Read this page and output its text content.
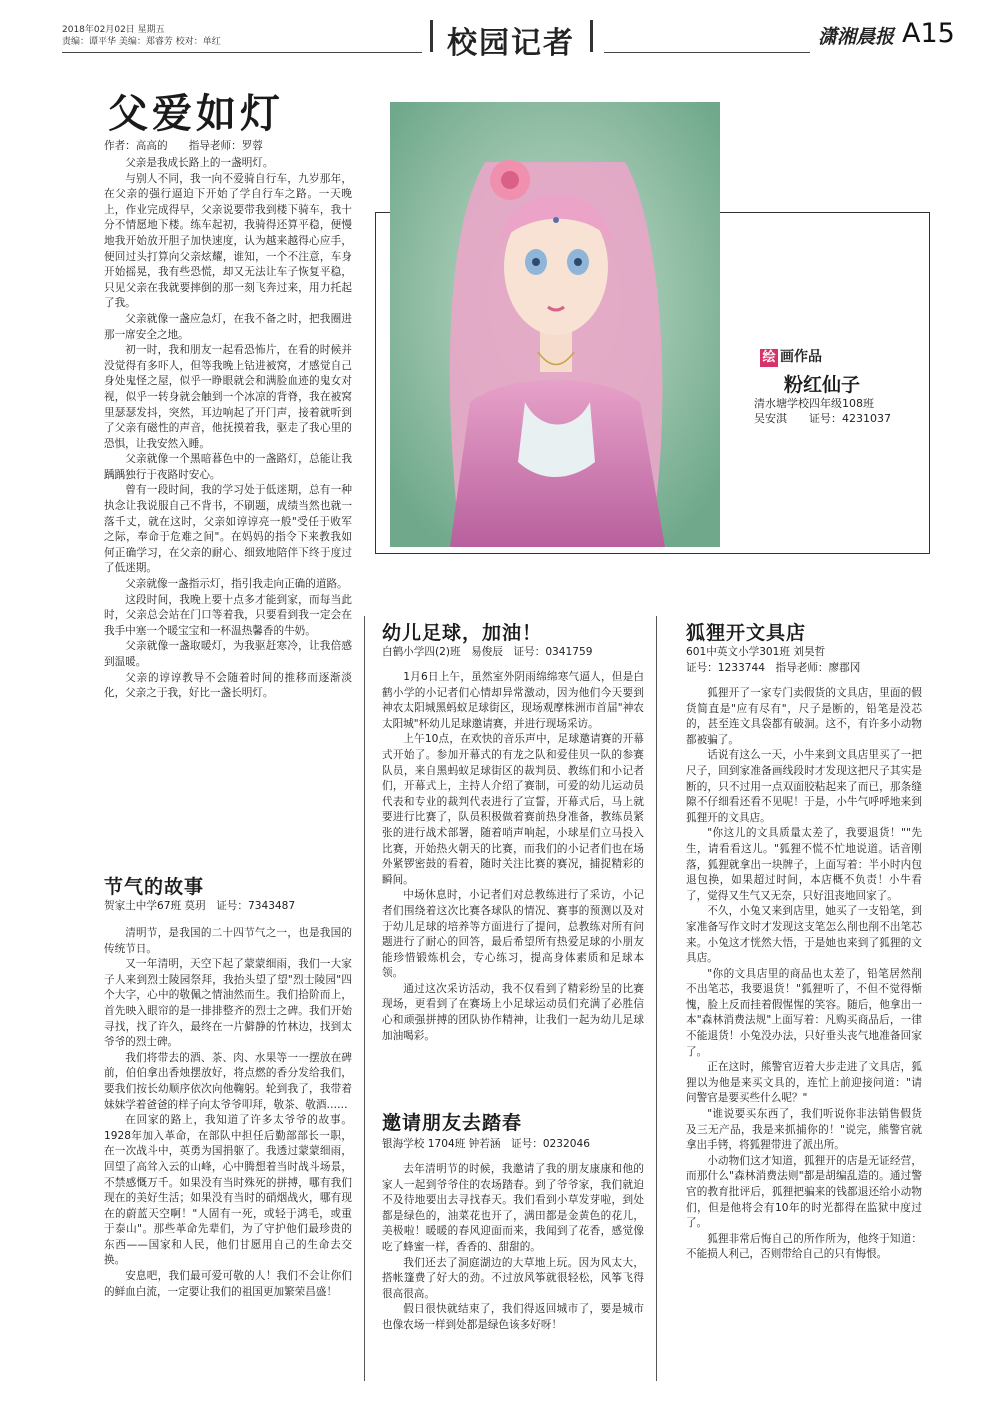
2018年02月02日 星期五
责编：谭平华 美编：郑睿芳 校对：单红	校园记者	潇湘晨报 A15
父爱如灯
作者：高高的　　指导老师：罗蓉

父亲是我成长路上的一盏明灯。

与别人不同，我一向不爱骑自行车，九岁那年，在父亲的强行逼迫下开始了学自行车之路。一天晚上，作业完成得早，父亲说要带我到楼下骑车，我十分不情愿地下楼。练车起初，我骑得还算平稳，便慢地我开始放开胆子加快速度，认为越来越得心应手，便回过头打算向父亲炫耀，谁知，一个不注意，车身开始摇晃，我有些恐慌，却又无法让车子恢复平稳，只见父亲在我就要摔倒的那一刻飞奔过来，用力托起了我。

父亲就像一盏应急灯，在我不备之时，把我圈进那一席安全之地。

初一时，我和朋友一起看恐怖片，在看的时候并没觉得有多吓人，但等我晚上钻进被窝，才感觉自己身处鬼怪之屋，似乎一睁眼就会和满脸血迹的鬼女对视，似乎一转身就会触到一个冰凉的背脊，我在被窝里瑟瑟发抖，突然，耳边响起了开门声，接着就听到了父亲有磁性的声音，他抚摸着我，驱走了我心里的恐惧，让我安然入睡。

父亲就像一个黑暗暮色中的一盏路灯，总能让我踽踽独行于夜路时安心。

曾有一段时间，我的学习处于低迷期，总有一种执念让我说服自己不背书，不刷题，成绩当然也就一落千丈，就在这时，父亲如谆谆亮一般"受任于败军之际，奉命于危难之间"。在妈妈的指令下来教我如何正确学习，在父亲的耐心、细致地陪伴下终于度过了低迷期。

父亲就像一盏指示灯，指引我走向正确的道路。

这段时间，我晚上要十点多才能到家，而每当此时，父亲总会站在门口等着我，只要看到我一定会在我手中塞一个暖宝宝和一杯温热馨香的牛奶。

父亲就像一盏取暖灯，为我驱赶寒冷，让我倍感到温暖。

父亲的谆谆教导不会随着时间的推移而逐渐淡化，父亲之于我，好比一盏长明灯。

节气的故事
贺家土中学67班 莫玥　证号：7343487

清明节，是我国的二十四节气之一，也是我国的传统节日。

又一年清明，天空下起了蒙蒙细雨，我们一大家子人来到烈士陵园祭拜，我抬头望了望"烈士陵园"四个大字，心中的敬佩之情油然而生。我们拾阶而上，首先映入眼帘的是一排排整齐的烈士之碑。我们开始寻找，找了许久，最终在一片僻静的竹林边，找到太爷爷的烈士碑。

我们将带去的酒、茶、肉、水果等一一摆放在碑前，伯伯拿出香烛摆放好，将点燃的香分发给我们，要我们按长幼顺序依次向他鞠躬。轮到我了，我带着妹妹学着爸爸的样子向太爷爷叩拜，敬茶、敬酒……

在回家的路上，我知道了许多太爷爷的故事。1928年加入革命，在部队中担任后勤部部长一职，在一次战斗中，英勇为国捐躯了。我透过蒙蒙细雨，回望了高耸入云的山峰，心中腾想着当时战斗场景，不禁感慨万千。如果没有当时殊死的拼搏，哪有我们现在的美好生活；如果没有当时的硝烟战火，哪有现在的蔚蓝天空啊！"人固有一死，或轻于鸿毛，或重于泰山"。那些革命先辈们，为了守护他们最珍贵的东西——国家和人民，他们甘愿用自己的生命去交换。

安息吧，我们最可爱可敬的人！我们不会让你们的鲜血白流，一定要让我们的祖国更加繁荣昌盛！

绘 画作品
粉红仙子
清水塘学校四年级108班
吴安淇　　证号：4231037
幼儿足球，加油！
白鹤小学四(2)班　易俊辰　证号：0341759

1月6日上午，虽然室外阴雨绵绵寒气逼人，但是白鹤小学的小记者们心情却异常激动，因为他们今天要到神农太阳城黑蚂蚁足球街区，现场观摩株洲市首届"神农太阳城"杯幼儿足球邀请赛，并进行现场采访。

上午10点，在欢快的音乐声中，足球邀请赛的开幕式开始了。参加开幕式的有龙之队和爱佳贝一队的参赛队员，来自黑蚂蚁足球街区的裁判员、教练们和小记者们，开幕式上，主持人介绍了赛制，可爱的幼儿运动员代表和专业的裁判代表进行了宣誓，开幕式后，马上就要进行比赛了，队员积极做着赛前热身准备，教练员紧张的进行战术部署，随着哨声响起，小球星们立马投入比赛，开始热火朝天的比赛，而我们的小记者们也在场外紧锣密鼓的看着，随时关注比赛的赛况，捕捉精彩的瞬间。

中场休息时，小记者们对总教练进行了采访，小记者们围绕着这次比赛各球队的情况、赛事的预测以及对于幼儿足球的培养等方面进行了提问，总教练对所有问题进行了耐心的回答，最后希望所有热爱足球的小朋友能珍惜锻炼机会，专心练习，提高身体素质和足球本领。

通过这次采访活动，我不仅看到了精彩纷呈的比赛现场，更看到了在赛场上小足球运动员们充满了必胜信心和顽强拼搏的团队协作精神，让我们一起为幼儿足球加油喝彩。

邀请朋友去踏春
银海学校 1704班 钟若涵　证号：0232046

去年清明节的时候，我邀请了我的朋友康康和他的家人一起到爷爷住的农场踏春。到了爷爷家，我们就迫不及待地要出去寻找春天。我们看到小草发芽啦，到处都是绿色的，油菜花也开了，满田都是金黄色的花儿，美极啦！暖暖的春风迎面而来，我闻到了花香，感觉像吃了蜂蜜一样，香香的、甜甜的。

我们还去了洞庭湖边的大草地上玩。因为风太大，搭帐篷费了好大的劲。不过放风筝就很轻松，风筝飞得很高很高。

假日很快就结束了，我们得返回城市了，要是城市也像农场一样到处都是绿色该多好呀！

狐狸开文具店
601中英文小学301班 刘昊哲
证号：1233744　指导老师：廖郡冈

狐狸开了一家专门卖假货的文具店，里面的假货简直是"应有尽有"，尺子是断的，铅笔是没芯的，甚至连文具袋都有破洞。这不，有许多小动物都被骗了。

话说有这么一天，小牛来到文具店里买了一把尺子，回到家准备画线段时才发现这把尺子其实是断的，只不过用一点双面胶粘起来了而已，那条缝隙不仔细看还看不见呢！于是，小牛气呼呼地来到狐狸开的文具店。

"你这儿的文具质量太差了，我要退货！""先生，请看看这儿。"狐狸不慌不忙地说道。话音刚落，狐狸就拿出一块牌子，上面写着：半小时内包退包换，如果超过时间，本店概不负责！小牛看了，觉得又生气又无奈，只好沮丧地回家了。

不久，小兔又来到店里，她买了一支铅笔，到家准备写作文时才发现这支笔怎么削也削不出笔芯来。小兔这才恍然大悟，于是她也来到了狐狸的文具店。

"你的文具店里的商品也太差了，铅笔居然削不出笔芯，我要退货！"狐狸听了，不但不觉得惭愧，脸上反而挂着假惺惺的笑容。随后，他拿出一本"森林消费法规"上面写着：凡购买商品后，一律不能退货！小兔没办法，只好垂头丧气地准备回家了。

正在这时，熊警官迈着大步走进了文具店，狐狸以为他是来买文具的，连忙上前迎接问道："请问警官是要买些什么呢？"

"谁说要买东西了，我们听说你非法销售假货及三无产品，我是来抓捕你的！"说完，熊警官就拿出手铐，将狐狸带进了派出所。

小动物们这才知道，狐狸开的店是无证经营，而那什么"森林消费法则"都是胡编乱造的。通过警官的教育批评后，狐狸把骗来的钱都退还给小动物们，但是他将会有10年的时光都得在监狱中度过了。

狐狸非常后悔自己的所作所为，他终于知道：不能损人利己，否则带给自己的只有悔恨。
